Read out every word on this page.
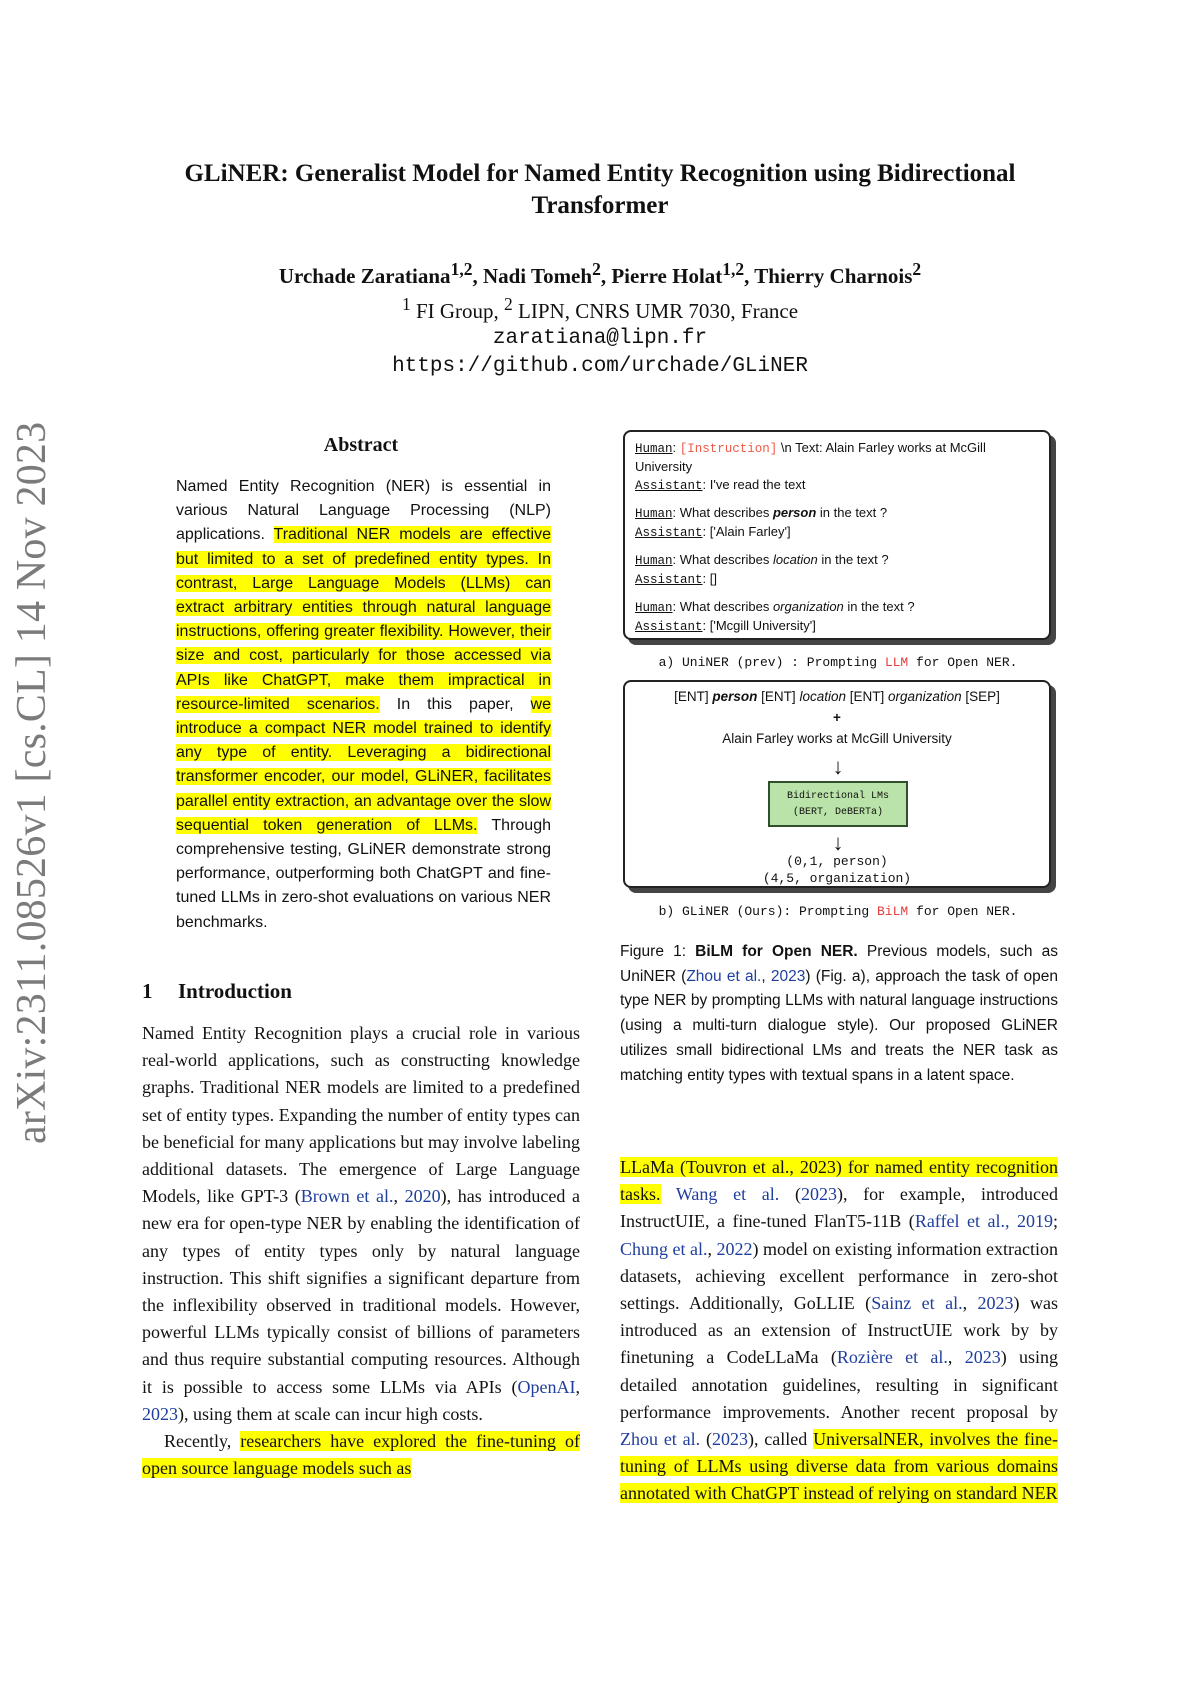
arXiv:2311.08526v1 [cs.CL] 14 Nov 2023
GLiNER: Generalist Model for Named Entity Recognition using Bidirectional Transformer
Urchade Zaratiana$^{1,2}$, Nadi Tomeh$^2$, Pierre Holat$^{1,2}$, Thierry Charnois$^2$
$^1$ FI Group, $^2$ LIPN, CNRS UMR 7030, France
zaratiana@lipn.fr
https://github.com/urchade/GLiNER
Abstract
Named Entity Recognition (NER) is essential in various Natural Language Processing (NLP) applications. Traditional NER models are effective but limited to a set of predefined entity types. In contrast, Large Language Models (LLMs) can extract arbitrary entities through natural language instructions, offering greater flexibility. However, their size and cost, particularly for those accessed via APIs like ChatGPT, make them impractical in resource-limited scenarios. In this paper, we introduce a compact NER model trained to identify any type of entity. Leveraging a bidirectional transformer encoder, our model, GLiNER, facilitates parallel entity extraction, an advantage over the slow sequential token generation of LLMs. Through comprehensive testing, GLiNER demonstrate strong performance, outperforming both ChatGPT and fine-tuned LLMs in zero-shot evaluations on various NER benchmarks.
1 Introduction

Named Entity Recognition plays a crucial role in various real-world applications, such as constructing knowledge graphs. Traditional NER models are limited to a predefined set of entity types. Expanding the number of entity types can be beneficial for many applications but may involve labeling additional datasets. The emergence of Large Language Models, like GPT-3 (Brown et al., 2020), has introduced a new era for open-type NER by enabling the identification of any types of entity types only by natural language instruction. This shift signifies a significant departure from the inflexibility observed in traditional models. However, powerful LLMs typically consist of billions of parameters and thus require substantial computing resources. Although it is possible to access some LLMs via APIs (OpenAI, 2023), using them at scale can incur high costs.

Recently, researchers have explored the fine-tuning of open source language models such as

LLaMa (Touvron et al., 2023) for named entity recognition tasks. Wang et al. (2023), for example, introduced InstructUIE, a fine-tuned FlanT5-11B (Raffel et al., 2019; Chung et al., 2022) model on existing information extraction datasets, achieving excellent performance in zero-shot settings. Additionally, GoLLIE (Sainz et al., 2023) was introduced as an extension of InstructUIE work by by finetuning a CodeLLaMa (Rozière et al., 2023) using detailed annotation guidelines, resulting in significant performance improvements. Another recent proposal by Zhou et al. (2023), called UniversalNER, involves the fine-tuning of LLMs using diverse data from various domains annotated with ChatGPT instead of relying on standard NER
Human: [Instruction] \n Text: Alain Farley works at McGill
University
Assistant: I've read the text
Human: What describes person in the text ?
Assistant: ['Alain Farley']
Human: What describes location in the text ?
Assistant: []
Human: What describes organization in the text ?
Assistant: ['Mcgill University']
a) UniNER (prev) : Prompting LLM for Open NER.
[ENT] person [ENT] location [ENT] organization [SEP]
+
Alain Farley works at McGill University
↓
Bidirectional LMs
(BERT, DeBERTa)
↓
(0,1, person)
(4,5, organization)
b) GLiNER (Ours): Prompting BiLM for Open NER.
Figure 1: BiLM for Open NER. Previous models, such as UniNER (Zhou et al., 2023) (Fig. a), approach the task of open type NER by prompting LLMs with natural language instructions (using a multi-turn dialogue style). Our proposed GLiNER utilizes small bidirectional LMs and treats the NER task as matching entity types with textual spans in a latent space.
